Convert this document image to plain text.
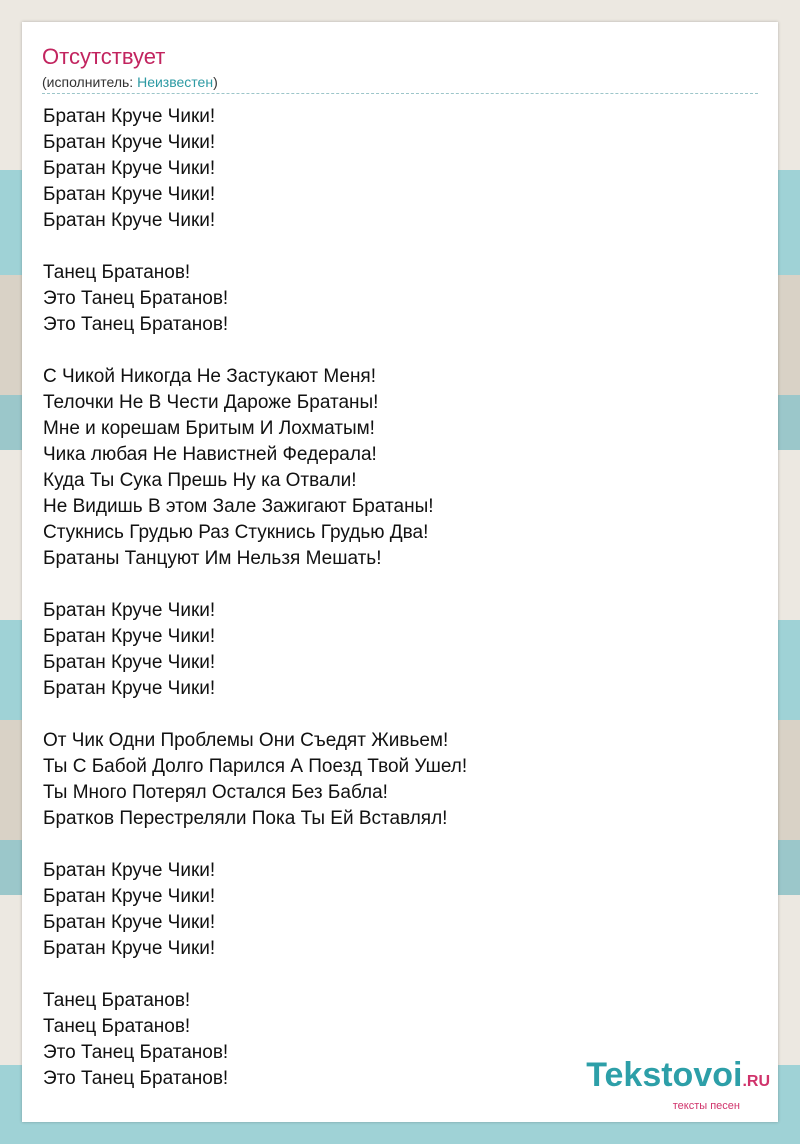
Отсутствует
(исполнитель: Неизвестен)
Братан Круче Чики!
Братан Круче Чики!
Братан Круче Чики!
Братан Круче Чики!
Братан Круче Чики!
Танец Братанов!
Это Танец Братанов!
Это Танец Братанов!
С Чикой Никогда Не Застукают Меня!
Телочки Не В Чести Дароже Братаны!
Мне и корешам Бритым И Лохматым!
Чика любая Не Навистней Федерала!
Куда Ты Сука Прешь Ну ка Отвали!
Не Видишь В этом Зале Зажигают Братаны!
Стукнись Грудью Раз Стукнись Грудью Два!
Братаны Танцуют Им Нельзя Мешать!
Братан Круче Чики!
Братан Круче Чики!
Братан Круче Чики!
Братан Круче Чики!
От Чик Одни Проблемы Они Съедят Живьем!
Ты С Бабой Долго Парился А Поезд Твой Ушел!
Ты Много Потерял Остался Без Бабла!
Братков Перестреляли Пока Ты Ей Вставлял!
Братан Круче Чики!
Братан Круче Чики!
Братан Круче Чики!
Братан Круче Чики!
Танец Братанов!
Танец Братанов!
Это Танец Братанов!
Это Танец Братанов!	Tekstovoi.RU
тексты песен
